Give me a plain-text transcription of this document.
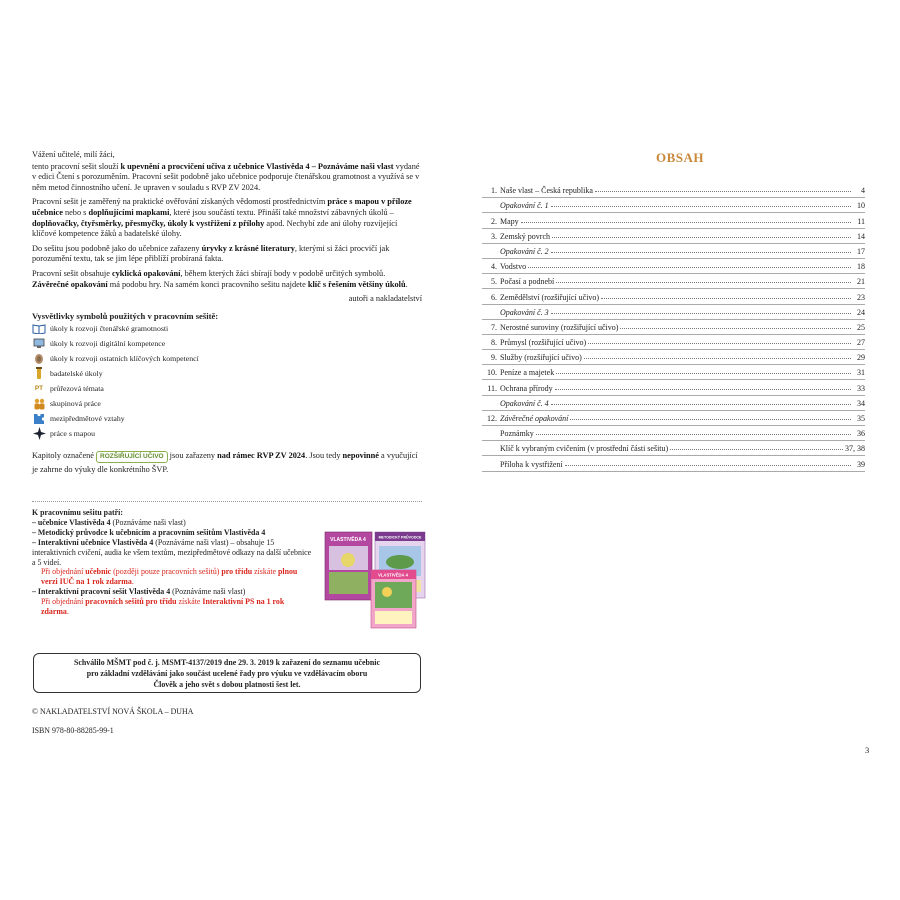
Vážení učitelé, milí žáci,

tento pracovní sešit slouží k upevnění a procvičení učiva z učebnice Vlastivěda 4 – Poznáváme naši vlast vydané v edici Čtení s porozuměním. Pracovní sešit podobně jako učebnice podporuje čtenářskou gramotnost a využívá se v něm metod činnostního učení. Je upraven v souladu s RVP ZV 2024.

Pracovní sešit je zaměřený na praktické ověřování získaných vědomostí prostřednictvím práce s mapou v příloze učebnice nebo s doplňujícími mapkami, které jsou součástí textu. Přináší také množství zábavných úkolů – doplňovačky, čtyřsměrky, přesmyčky, úkoly k vystřižení z přílohy apod. Nechybí zde ani úlohy rozvíjející klíčové kompetence žáků a badatelské úlohy.

Do sešitu jsou podobně jako do učebnice zařazeny úryvky z krásné literatury, kterými si žáci procvičí jak porozumění textu, tak se jim lépe přiblíží probíraná fakta.

Pracovní sešit obsahuje cyklická opakování, během kterých žáci sbírají body v podobě určitých symbolů. Závěrečné opakování má podobu hry. Na samém konci pracovního sešitu najdete klíč s řešením většiny úkolů.

autoři a nakladatelství
Vysvětlivky symbolů použitých v pracovním sešitě:
úkoly k rozvoji čtenářské gramotnosti
úkoly k rozvoji digitální kompetence
úkoly k rozvoji ostatních klíčových kompetencí
badatelské úkoly
PT průřezová témata
skupinová práce
mezipředmětové vztahy
práce s mapou

Kapitoly označené ROZŠIŘUJÍCÍ UČIVO jsou zařazeny nad rámec RVP ZV 2024. Jsou tedy nepovinné a vyučující je zahrne do výuky dle konkrétního ŠVP.

K pracovnímu sešitu patří:

– učebnice Vlastivěda 4 (Poznáváme naši vlast)

– Metodický průvodce k učebnicím a pracovním sešitům Vlastivěda 4

– Interaktivní učebnice Vlastivěda 4 (Poznáváme naši vlast) – obsahuje 15 interaktivních cvičení, audia ke všem textům, mezipředmětové odkazy na další učebnice a 5 videí.

Při objednání učebnic (později pouze pracovních sešitů) pro třídu získáte plnou verzi IUČ na 1 rok zdarma.

– Interaktivní pracovní sešit Vlastivěda 4 (Poznáváme naši vlast)

Při objednání pracovních sešitů pro třídu získáte Interaktivní PS na 1 rok zdarma.

VLASTIVĚDA 4	METODICKÝ PRŮVODCE
VLASTIVĚDA 4
Schválilo MŠMT pod č. j. MSMT-4137/2019 dne 29. 3. 2019 k zařazení do seznamu učebnic
pro základní vzdělávání jako součást ucelené řady pro výuku ve vzdělávacím oboru
Člověk a jeho svět s dobou platnosti šest let.
© NAKLADATELSTVÍ NOVÁ ŠKOLA – DUHA
ISBN 978-80-88285-99-1
OBSAH
1. Naše vlast – Česká republika	4
Opakování č. 1	10
2. Mapy	11
3. Zemský povrch	14
Opakování č. 2	17
4. Vodstvo	18
5. Počasí a podnebí	21
6. Zemědělství (rozšiřující učivo)	23
Opakování č. 3	24
7. Nerostné suroviny (rozšiřující učivo)	25
8. Průmysl (rozšiřující učivo)	27
9. Služby (rozšiřující učivo)	29
10. Peníze a majetek	31
11. Ochrana přírody	33
Opakování č. 4	34
12. Závěrečné opakování	35
Poznámky	36
Klíč k vybraným cvičením (v prostřední části sešitu)	37, 38
Příloha k vystřižení	39
3
